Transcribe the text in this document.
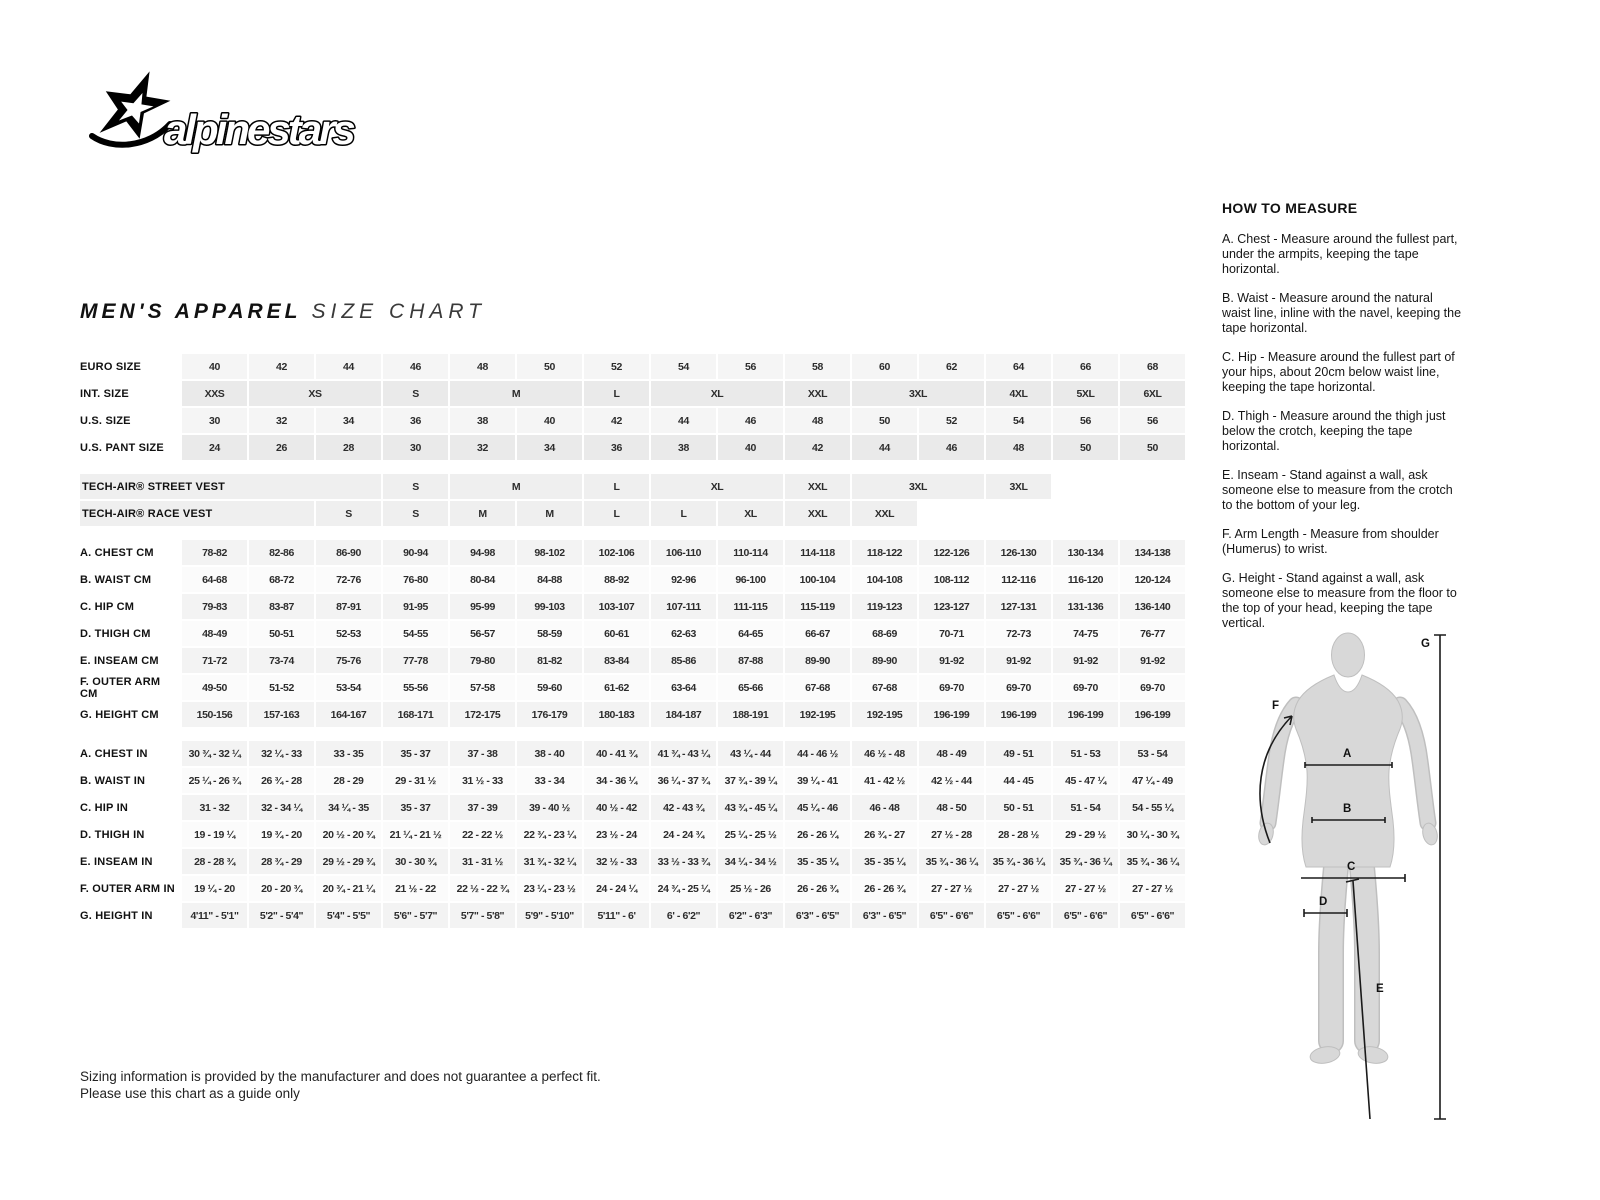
alpinestars
MEN'S APPAREL SIZE CHART
EURO SIZE	40	42	44	46	48	50	52	54	56	58	60	62	64	66	68
INT. SIZE	XXS	XS	S	M	L	XL	XXL	3XL	4XL	5XL	6XL
U.S. SIZE	30	32	34	36	38	40	42	44	46	48	50	52	54	56	56
U.S. PANT SIZE	24	26	28	30	32	34	36	38	40	42	44	46	48	50	50
TECH-AIR® STREET VEST	S	M	L	XL	XXL	3XL	3XL
TECH-AIR® RACE VEST	S	S	M	M	L	L	XL	XXL	XXL
A. CHEST CM	78-82	82-86	86-90	90-94	94-98	98-102	102-106	106-110	110-114	114-118	118-122	122-126	126-130	130-134	134-138
B. WAIST CM	64-68	68-72	72-76	76-80	80-84	84-88	88-92	92-96	96-100	100-104	104-108	108-112	112-116	116-120	120-124
C. HIP CM	79-83	83-87	87-91	91-95	95-99	99-103	103-107	107-111	111-115	115-119	119-123	123-127	127-131	131-136	136-140
D. THIGH CM	48-49	50-51	52-53	54-55	56-57	58-59	60-61	62-63	64-65	66-67	68-69	70-71	72-73	74-75	76-77
E. INSEAM CM	71-72	73-74	75-76	77-78	79-80	81-82	83-84	85-86	87-88	89-90	89-90	91-92	91-92	91-92	91-92
F. OUTER ARM CM	49-50	51-52	53-54	55-56	57-58	59-60	61-62	63-64	65-66	67-68	67-68	69-70	69-70	69-70	69-70
G. HEIGHT CM	150-156	157-163	164-167	168-171	172-175	176-179	180-183	184-187	188-191	192-195	192-195	196-199	196-199	196-199	196-199
A. CHEST IN	30 ¾ - 32 ¼	32 ¼ - 33	33 - 35	35 - 37	37 - 38	38 - 40	40 - 41 ¾	41 ¾ - 43 ¼	43 ¼ - 44	44 - 46 ½	46 ½ - 48	48 - 49	49 - 51	51 - 53	53 - 54
B. WAIST IN	25 ¼ - 26 ¾	26 ¾ - 28	28 - 29	29 - 31 ½	31 ½ - 33	33 - 34	34 - 36 ¼	36 ¼ - 37 ¾	37 ¾ - 39 ¼	39 ¼ - 41	41 - 42 ½	42 ½ - 44	44 - 45	45 - 47 ¼	47 ¼ - 49
C. HIP IN	31 - 32	32 - 34 ¼	34 ¼ - 35	35 - 37	37 - 39	39 - 40 ½	40 ½ - 42	42 - 43 ¾	43 ¾ - 45 ¼	45 ¼ - 46	46 - 48	48 - 50	50 - 51	51 - 54	54 - 55 ¼
D. THIGH IN	19 - 19 ¼	19 ¾ - 20	20 ½ - 20 ¾	21 ¼ - 21 ½	22 - 22 ½	22 ¾ - 23 ¼	23 ½ - 24	24 - 24 ¾	25 ¼ - 25 ½	26 - 26 ¼	26 ¾ - 27	27 ½ - 28	28 - 28 ½	29 - 29 ½	30 ¼ - 30 ¾
E. INSEAM IN	28 - 28 ¾	28 ¾ - 29	29 ½ - 29 ¾	30 - 30 ¾	31 - 31 ½	31 ¾ - 32 ¼	32 ½ - 33	33 ½ - 33 ¾	34 ¼ - 34 ½	35 - 35 ¼	35 - 35 ¼	35 ¾ - 36 ¼	35 ¾ - 36 ¼	35 ¾ - 36 ¼	35 ¾ - 36 ¼
F. OUTER ARM IN	19 ¼ - 20	20 - 20 ¾	20 ¾ - 21 ¼	21 ½ - 22	22 ½ - 22 ¾	23 ¼ - 23 ½	24 - 24 ¼	24 ¾ - 25 ¼	25 ½ - 26	26 - 26 ¾	26 - 26 ¾	27 - 27 ½	27 - 27 ½	27 - 27 ½	27 - 27 ½
G. HEIGHT IN	4'11" - 5'1"	5'2" - 5'4"	5'4" - 5'5"	5'6" - 5'7"	5'7" - 5'8"	5'9" - 5'10"	5'11" - 6'	6' - 6'2"	6'2" - 6'3"	6'3" - 6'5"	6'3" - 6'5"	6'5" - 6'6"	6'5" - 6'6"	6'5" - 6'6"	6'5" - 6'6"
HOW TO MEASURE

A. Chest - Measure around the fullest part, under the armpits, keeping the tape horizontal.

B. Waist - Measure around the natural waist line, inline with the navel, keeping the tape horizontal.

C. Hip - Measure around the fullest part of your hips, about 20cm below waist line, keeping the tape horizontal.

D. Thigh - Measure around the thigh just below the crotch, keeping the tape horizontal.

E. Inseam - Stand against a wall, ask someone else to measure from the crotch to the bottom of your leg.

F. Arm Length - Measure from shoulder (Humerus) to wrist.

G. Height - Stand against a wall, ask someone else to measure from the floor to the top of your head, keeping the tape vertical.

A
B
C
D
E
F
G
Sizing information is provided by the manufacturer and does not guarantee a perfect fit.
Please use this chart as a guide only
